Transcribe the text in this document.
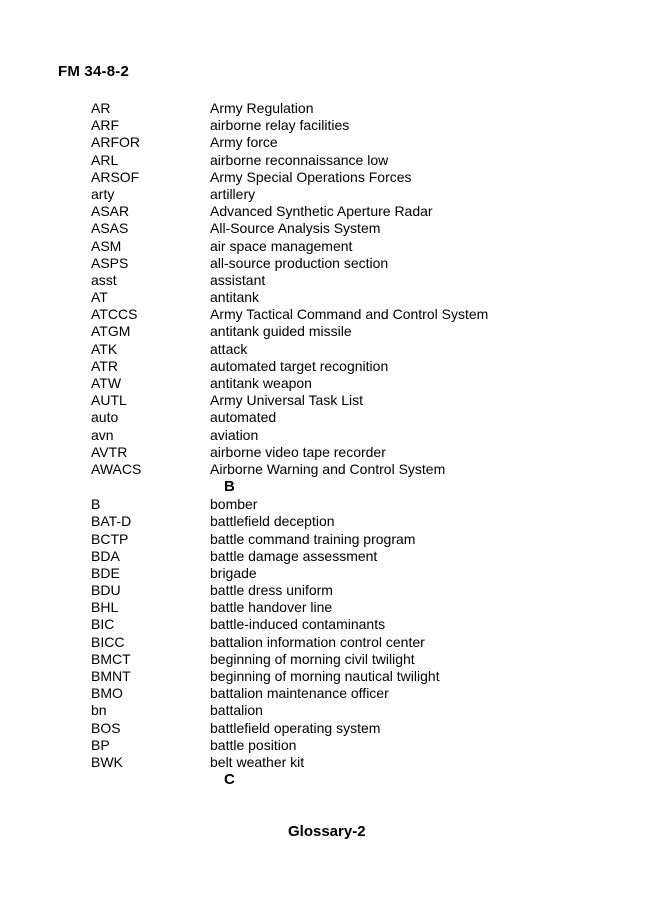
FM 34-8-2
AR	Army Regulation
ARF	airborne relay facilities
ARFOR	Army force
ARL	airborne reconnaissance low
ARSOF	Army Special Operations Forces
arty	artillery
ASAR	Advanced Synthetic Aperture Radar
ASAS	All-Source Analysis System
ASM	air space management
ASPS	all-source production section
asst	assistant
AT	antitank
ATCCS	Army Tactical Command and Control System
ATGM	antitank guided missile
ATK	attack
ATR	automated target recognition
ATW	antitank weapon
AUTL	Army Universal Task List
auto	automated
avn	aviation
AVTR	airborne video tape recorder
AWACS	Airborne Warning and Control System
B
B	bomber
BAT-D	battlefield deception
BCTP	battle command training program
BDA	battle damage assessment
BDE	brigade
BDU	battle dress uniform
BHL	battle handover line
BIC	battle-induced contaminants
BICC	battalion information control center
BMCT	beginning of morning civil twilight
BMNT	beginning of morning nautical twilight
BMO	battalion maintenance officer
bn	battalion
BOS	battlefield operating system
BP	battle position
BWK	belt weather kit
C
Glossary-2
